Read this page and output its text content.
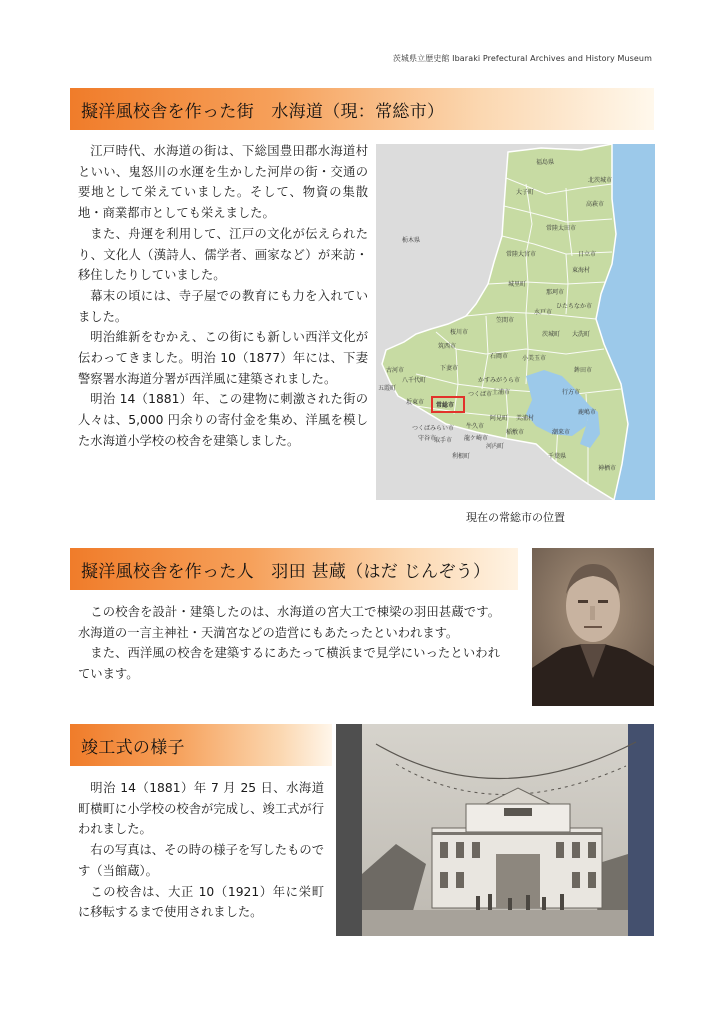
茨城県立歴史館 Ibaraki Prefectural Archives and History Museum
擬洋風校舎を作った街　水海道（現：常総市）

江戸時代、水海道の街は、下総国豊田郡水海道村といい、鬼怒川の水運を生かした河岸の街・交通の要地として栄えていました。そして、物資の集散地・商業都市としても栄えました。

また、舟運を利用して、江戸の文化が伝えられたり、文化人（漢詩人、儒学者、画家など）が来訪・移住したりしていました。

幕末の頃には、寺子屋での教育にも力を入れていました。

明治維新をむかえ、この街にも新しい西洋文化が伝わってきました。明治 10（1877）年には、下妻警察署水海道分署が西洋風に建築されました。

明治 14（1881）年、この建物に刺激された街の人々は、5,000 円余りの寄付金を集め、洋風を模した水海道小学校の校舎を建築しました。

福島県
栃木県
大子町
北茨城市
高萩市
常陸太田市
常陸大宮市	日立市
東海村
城里町
那珂市
ひたちなか市
笠間市
水戸市
大洗町
茨城町
桜川市
筑西市
石岡市 小美玉市
鉾田市
古河市
八千代町
下妻市
かすみがうら市
土浦市
つくば市
五霞町
坂東市 常総市
阿見町
牛久市
美浦村
つくばみらい市
守谷市
取手市 龍ケ崎市
利根町
河内町
稲敷市	潮来市
行方市
鹿嶋市
千葉県
神栖市
現在の常総市の位置
擬洋風校舎を作った人　羽田 甚蔵（はだ じんぞう）

この校舎を設計・建築したのは、水海道の宮大工で棟梁の羽田甚蔵です。水海道の一言主神社・天満宮などの造営にもあたったといわれます。

また、西洋風の校舎を建築するにあたって横浜まで見学にいったといわれています。

竣工式の様子

明治 14（1881）年 7 月 25 日、水海道町横町に小学校の校舎が完成し、竣工式が行われました。

右の写真は、その時の様子を写したものです（当館蔵）。

この校舎は、大正 10（1921）年に栄町に移転するまで使用されました。
